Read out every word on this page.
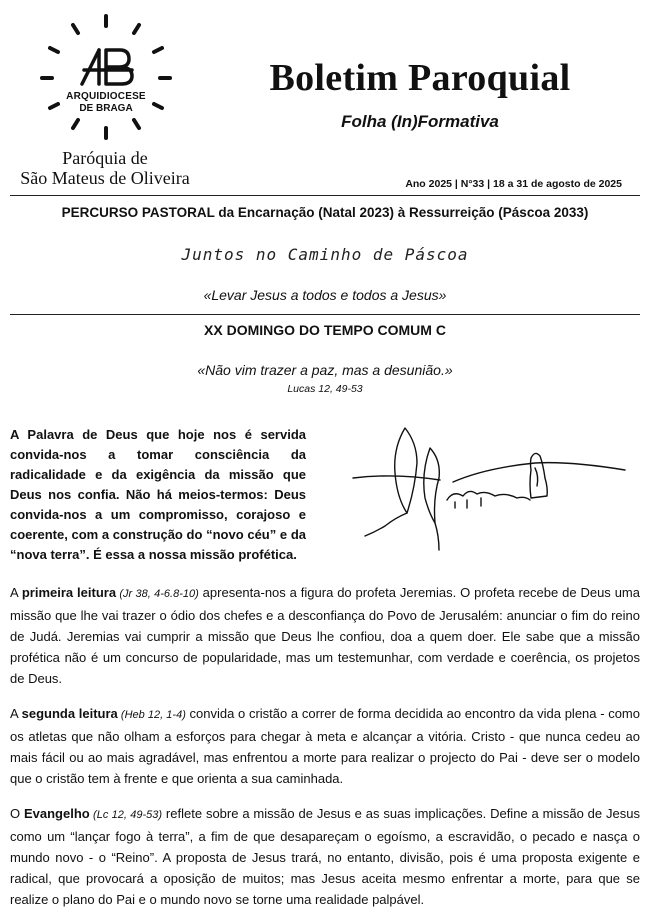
ARQUIDIOCESE
DE BRAGA
Paróquia de
São Mateus de Oliveira
Boletim Paroquial
Folha (In)Formativa
Ano 2025 | N°33 | 18 a 31 de agosto de 2025
PERCURSO PASTORAL da Encarnação (Natal 2023) à Ressurreição (Páscoa 2033)
Juntos no Caminho de Páscoa
«Levar Jesus a todos e todos a Jesus»
XX DOMINGO DO TEMPO COMUM C
«Não vim trazer a paz, mas a desunião.»
Lucas 12, 49-53
A Palavra de Deus que hoje nos é servida convida-nos a tomar consciência da radicalidade e da exigência da missão que Deus nos confia. Não há meios-termos: Deus convida-nos a um compromisso, corajoso e coerente, com a construção do “novo céu” e da “nova terra”. É essa a nossa missão profética.
A primeira leitura (Jr 38, 4-6.8-10) apresenta-nos a figura do profeta Jeremias. O profeta recebe de Deus uma missão que lhe vai trazer o ódio dos chefes e a desconfiança do Povo de Jerusalém: anunciar o fim do reino de Judá. Jeremias vai cumprir a missão que Deus lhe confiou, doa a quem doer. Ele sabe que a missão profética não é um concurso de popularidade, mas um testemunhar, com verdade e coerência, os projetos de Deus.
A segunda leitura (Heb 12, 1-4) convida o cristão a correr de forma decidida ao encontro da vida plena - como os atletas que não olham a esforços para chegar à meta e alcançar a vitória. Cristo - que nunca cedeu ao mais fácil ou ao mais agradável, mas enfrentou a morte para realizar o projecto do Pai - deve ser o modelo que o cristão tem à frente e que orienta a sua caminhada.
O Evangelho (Lc 12, 49-53) reflete sobre a missão de Jesus e as suas implicações. Define a missão de Jesus como um “lançar fogo à terra”, a fim de que desapareçam o egoísmo, a escravidão, o pecado e nasça o mundo novo - o “Reino”. A proposta de Jesus trará, no entanto, divisão, pois é uma proposta exigente e radical, que provocará a oposição de muitos; mas Jesus aceita mesmo enfrentar a morte, para que se realize o plano do Pai e o mundo novo se torne uma realidade palpável.
